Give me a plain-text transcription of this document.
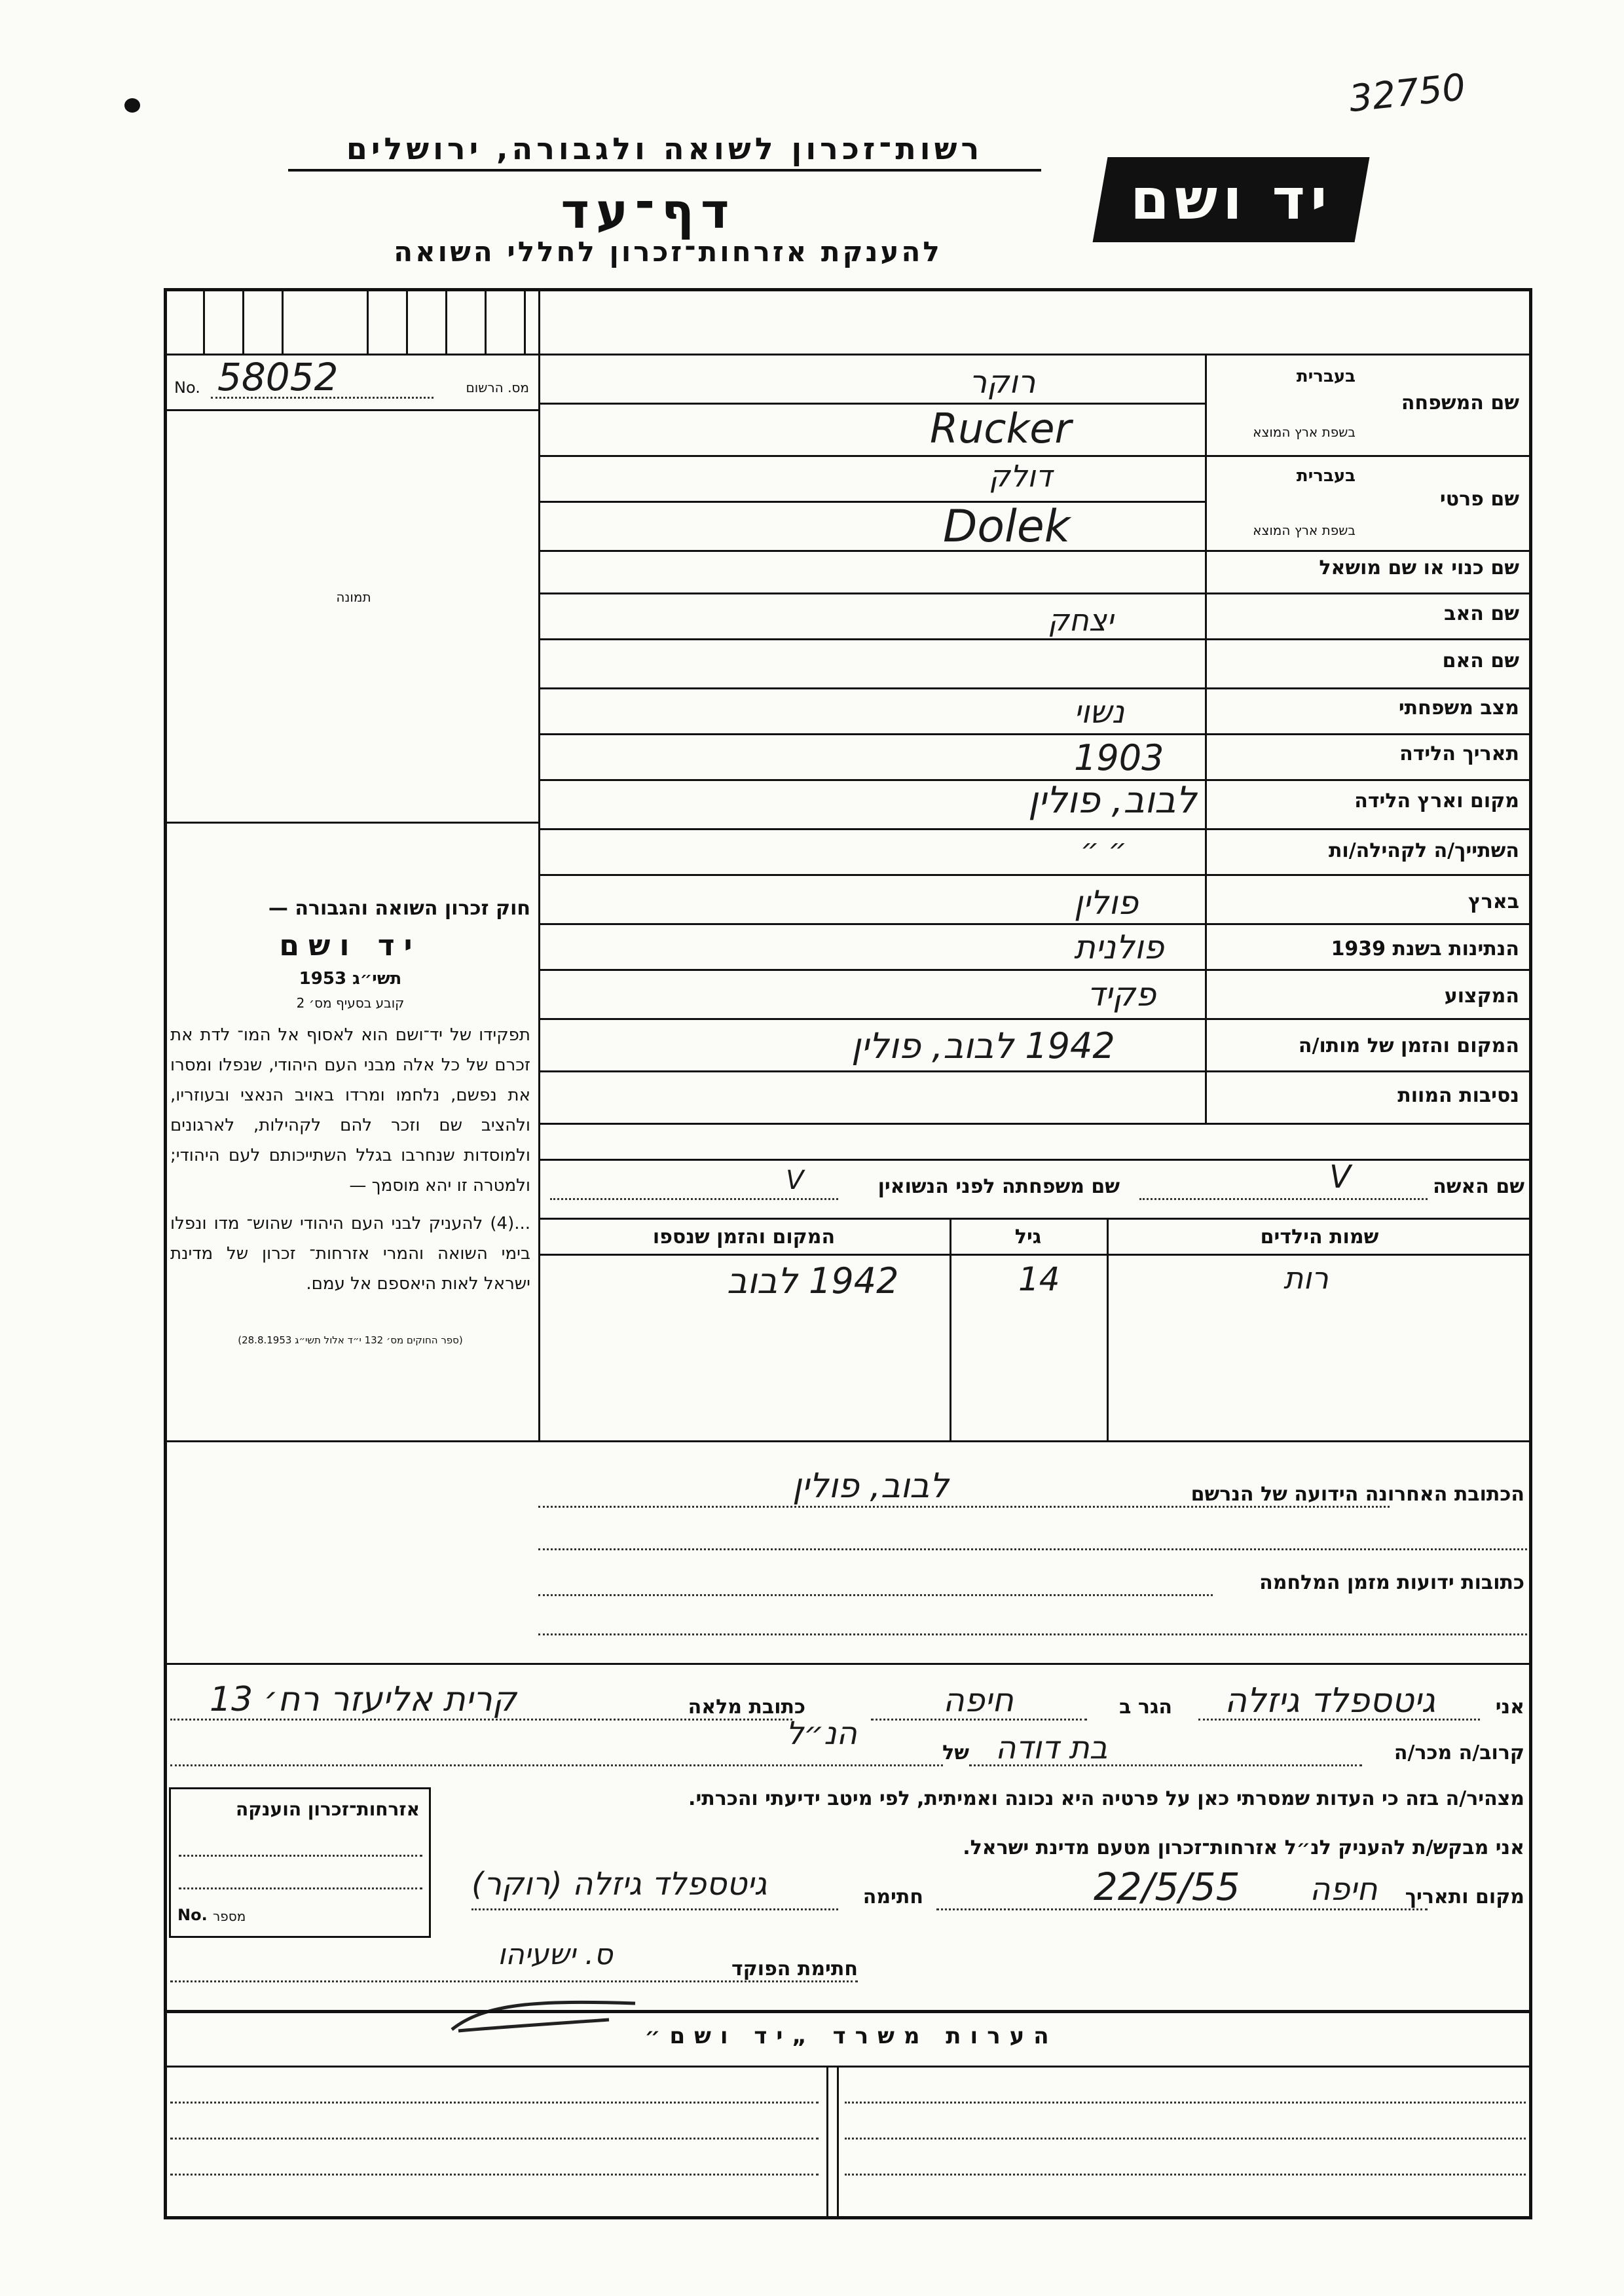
32750
רשות־זכרון לשואה ולגבורה, ירושלים
דף־עד
להענקת אזרחות־זכרון לחללי השואה
יד ושם
No. 58052	מס. הרשום
תמונה
חוק זכרון השואה והגבורה —
יד ושם
תשי״ג 1953
קובע בסעיף מס׳ 2
תפקידו של יד־ושם הוא לאסוף אל המו־ לדת את זכרם של כל אלה מבני העם היהודי, שנפלו ומסרו את נפשם, נלחמו ומרדו באויב הנאצי ובעוזריו, ולהציב שם וזכר להם לקהילות, לארגונים ולמוסדות שנחרבו בגלל השתייכותם לעם היהודי; ולמטרה זו יהא מוסמך —
...(4) להעניק לבני העם היהודי שהוש־ מדו ונפלו בימי השואה והמרי אזרחות־ זכרון של מדינת ישראל לאות היאספם אל עמם.
(ספר החוקים מס׳ 132 י״ד אלול תשי״ג 28.8.1953)
שם המשפחה
בעברית
בשפת ארץ המוצא
רוקר
Rucker
שם פרטי
בעברית
בשפת ארץ המוצא
דולק
Dolek
שם כנוי או שם מושאל
שם האב
יצחק
שם האם
מצב משפחתי
נשוי
תאריך הלידה
1903
מקום וארץ הלידה
לבוב, פולין
השתייך/ה לקהילה/ות
״ ״
בארץ
פולין
הנתינות בשנת 1939
פולנית
המקצוע
פקיד
המקום והזמן של מותו/ה
1942 לבוב, פולין
נסיבות המוות
שם האשה
V
שם משפחתה לפני הנשואין
V
שמות הילדים
גיל
המקום והזמן שנספו
רות
14
1942 לבוב
הכתובת האחרונה הידועה של הנרשם
לבוב, פולין
כתובות ידועות מזמן המלחמה
אני
גיטספלד גיזלה
הגר ב
חיפה
כתובת מלאה
קרית אליעזר רח׳ 13
קרוב/ה מכר/ה
בת דודה
של
הנ״ל
מצהיר/ה בזה כי העדות שמסרתי כאן על פרטיה היא נכונה ואמיתית, לפי מיטב ידיעתי והכרתי.
אני מבקש/ת להעניק לנ״ל אזרחות־זכרון מטעם מדינת ישראל.
מקום ותאריך
חיפה
22/5/55
חתימה
גיטספלד גיזלה (רוקר)
חתימת הפוקד
ס. ישעיהו
אזרחות־זכרון הוענקה
No. מספר
הערות משרד „יד ושם״
